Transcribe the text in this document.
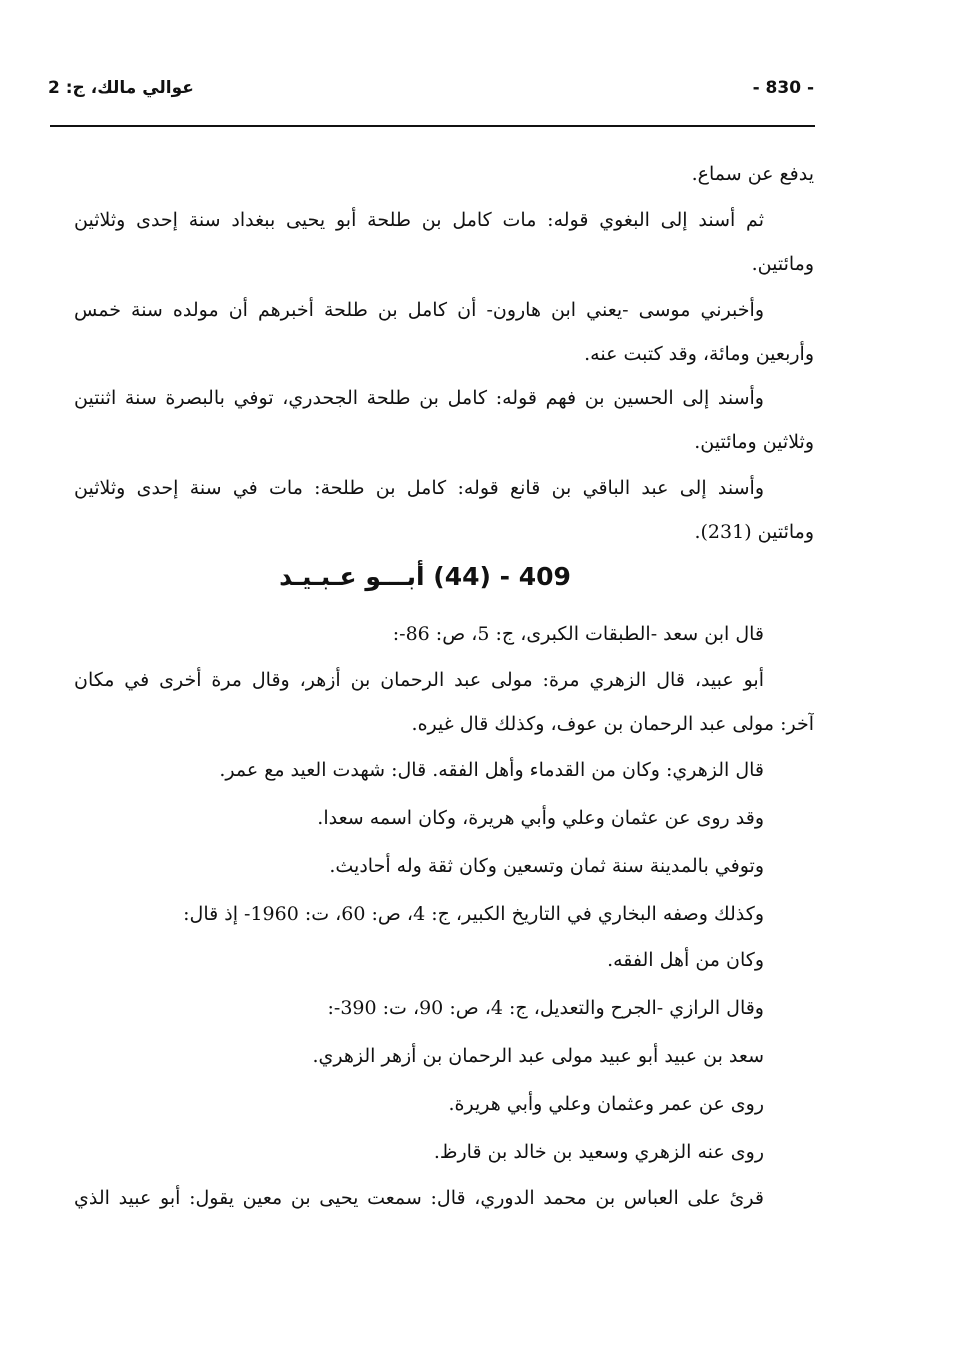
عوالي مالك، ج: 2	- 830 -
يدفع عن سماع.
ثم أسند إلى البغوي قوله: مات كامل بن طلحة أبو يحيى ببغداد سنة إحدى وثلاثين
ومائتين.
وأخبرني موسى -يعني ابن هارون- أن كامل بن طلحة أخبرهم أن مولده سنة خمس
وأربعين ومائة، وقد كتبت عنه.
وأسند إلى الحسين بن فهم قوله: كامل بن طلحة الجحدري، توفي بالبصرة سنة اثنتين
وثلاثين ومائتين.
وأسند إلى عبد الباقي بن قانع قوله: كامل بن طلحة: مات في سنة إحدى وثلاثين
ومائتين (231).
409 - (44) أبـــو عـبـيـد
قال ابن سعد -الطبقات الكبرى، ج: 5، ص: 86-:
أبو عبيد، قال الزهري مرة: مولى عبد الرحمان بن أزهر، وقال مرة أخرى في مكان
آخر: مولى عبد الرحمان بن عوف، وكذلك قال غيره.
قال الزهري: وكان من القدماء وأهل الفقه. قال: شهدت العيد مع عمر.
وقد روى عن عثمان وعلي وأبي هريرة، وكان اسمه سعدا.
وتوفي بالمدينة سنة ثمان وتسعين وكان ثقة وله أحاديث.
وكذلك وصفه البخاري في التاريخ الكبير، ج: 4، ص: 60، ت: 1960- إذ قال:
وكان من أهل الفقه.
وقال الرازي -الجرح والتعديل، ج: 4، ص: 90، ت: 390-:
سعد بن عبيد أبو عبيد مولى عبد الرحمان بن أزهر الزهري.
روى عن عمر وعثمان وعلي وأبي هريرة.
روى عنه الزهري وسعيد بن خالد بن قارظ.
قرئ على العباس بن محمد الدوري، قال: سمعت يحيى بن معين يقول: أبو عبيد الذي
